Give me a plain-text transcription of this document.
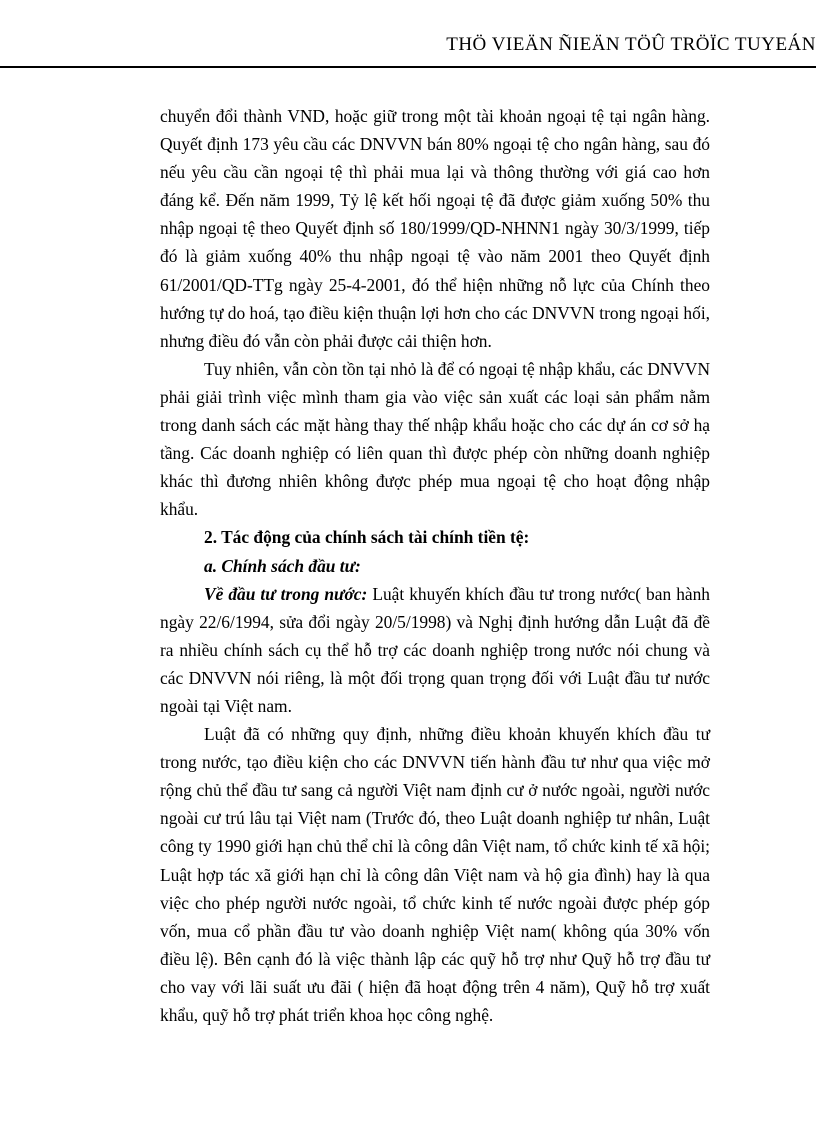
THÖ VIEÄN ÑIEÄN TÖÛ TRÖÏC TUYEÁN

chuyển đổi thành VND, hoặc giữ trong một tài khoản ngoại tệ tại ngân hàng. Quyết định 173 yêu cầu các DNVVN bán 80% ngoại tệ cho ngân hàng, sau đó nếu yêu cầu cần ngoại tệ thì phải mua lại và thông thường với giá cao hơn đáng kể. Đến năm 1999, Tỷ lệ kết hối ngoại tệ đã được giảm xuống 50% thu nhập ngoại tệ theo Quyết định số 180/1999/QD-NHNN1 ngày 30/3/1999, tiếp đó là giảm xuống 40% thu nhập ngoại tệ vào năm 2001 theo Quyết định 61/2001/QD-TTg ngày 25-4-2001, đó thể hiện những nỗ lực của Chính theo hướng tự do hoá, tạo điều kiện thuận lợi hơn cho các DNVVN trong ngoại hối, nhưng điều đó vẫn còn phải được cải thiện hơn.

Tuy nhiên, vẫn còn tồn tại nhỏ là để có ngoại tệ nhập khẩu, các DNVVN phải giải trình việc mình tham gia vào việc sản xuất các loại sản phẩm nằm trong danh sách các mặt hàng thay thế nhập khẩu hoặc cho các dự án cơ sở hạ tầng. Các doanh nghiệp có liên quan thì được phép còn những doanh nghiệp khác thì đương nhiên không được phép mua ngoại tệ cho hoạt động nhập khẩu.

2. Tác động của chính sách tài chính tiền tệ:

a. Chính sách đầu tư:

Về đầu tư trong nước: Luật khuyến khích đầu tư trong nước( ban hành ngày 22/6/1994, sửa đổi ngày 20/5/1998) và Nghị định hướng dẫn Luật đã đề ra nhiều chính sách cụ thể hỗ trợ các doanh nghiệp trong nước nói chung và các DNVVN nói riêng, là một đối trọng quan trọng đối với Luật đầu tư nước ngoài tại Việt nam.

Luật đã có những quy định, những điều khoản khuyến khích đầu tư trong nước, tạo điều kiện cho các DNVVN tiến hành đầu tư như qua việc mở rộng chủ thể đầu tư sang cả người Việt nam định cư ở nước ngoài, người nước ngoài cư trú lâu tại Việt nam (Trước đó, theo Luật doanh nghiệp tư nhân, Luật công ty 1990 giới hạn chủ thể chỉ là công dân Việt nam, tổ chức kinh tế xã hội; Luật hợp tác xã giới hạn chỉ là công dân Việt nam và hộ gia đình) hay là qua việc cho phép người nước ngoài, tổ chức kinh tế nước ngoài được phép góp vốn, mua cổ phần đầu tư vào doanh nghiệp Việt nam( không qúa 30% vốn điều lệ). Bên cạnh đó là việc thành lập các quỹ hỗ trợ như Quỹ hỗ trợ đầu tư cho vay với lãi suất ưu đãi ( hiện đã hoạt động trên 4 năm), Quỹ hỗ trợ xuất khẩu, quỹ hỗ trợ phát triển khoa học công nghệ.
